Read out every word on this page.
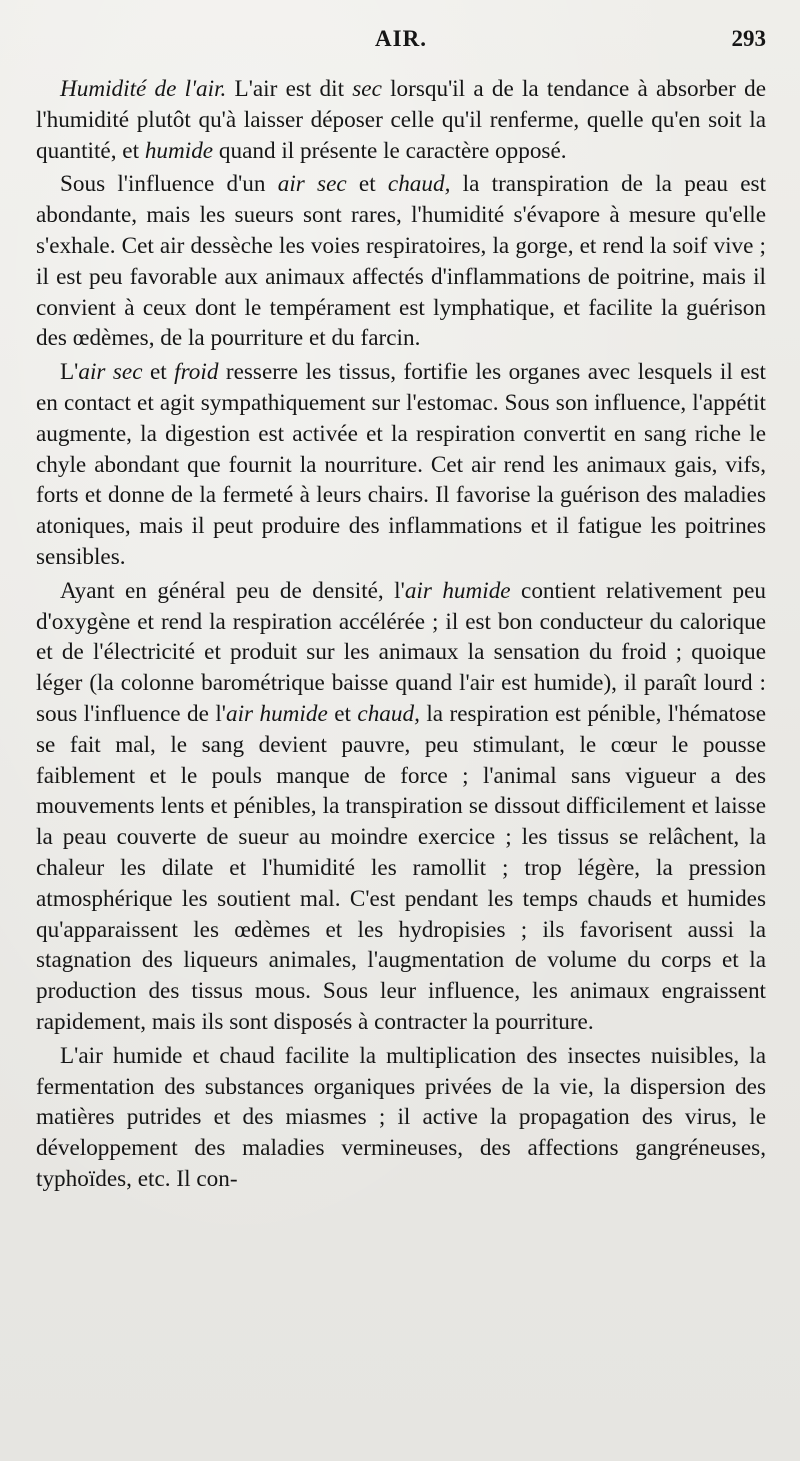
AIR.	293

Humidité de l'air. L'air est dit sec lorsqu'il a de la tendance à absorber de l'humidité plutôt qu'à laisser déposer celle qu'il renferme, quelle qu'en soit la quantité, et humide quand il présente le caractère opposé.

Sous l'influence d'un air sec et chaud, la transpiration de la peau est abondante, mais les sueurs sont rares, l'humidité s'évapore à mesure qu'elle s'exhale. Cet air dessèche les voies respiratoires, la gorge, et rend la soif vive ; il est peu favorable aux animaux affectés d'inflammations de poitrine, mais il convient à ceux dont le tempérament est lymphatique, et facilite la guérison des œdèmes, de la pourriture et du farcin.

L'air sec et froid resserre les tissus, fortifie les organes avec lesquels il est en contact et agit sympathiquement sur l'estomac. Sous son influence, l'appétit augmente, la digestion est activée et la respiration convertit en sang riche le chyle abondant que fournit la nourriture. Cet air rend les animaux gais, vifs, forts et donne de la fermeté à leurs chairs. Il favorise la guérison des maladies atoniques, mais il peut produire des inflammations et il fatigue les poitrines sensibles.

Ayant en général peu de densité, l'air humide contient relativement peu d'oxygène et rend la respiration accélérée ; il est bon conducteur du calorique et de l'électricité et produit sur les animaux la sensation du froid ; quoique léger (la colonne barométrique baisse quand l'air est humide), il paraît lourd : sous l'influence de l'air humide et chaud, la respiration est pénible, l'hématose se fait mal, le sang devient pauvre, peu stimulant, le cœur le pousse faiblement et le pouls manque de force ; l'animal sans vigueur a des mouvements lents et pénibles, la transpiration se dissout difficilement et laisse la peau couverte de sueur au moindre exercice ; les tissus se relâchent, la chaleur les dilate et l'humidité les ramollit ; trop légère, la pression atmosphérique les soutient mal. C'est pendant les temps chauds et humides qu'apparaissent les œdèmes et les hydropisies ; ils favorisent aussi la stagnation des liqueurs animales, l'augmentation de volume du corps et la production des tissus mous. Sous leur influence, les animaux engraissent rapidement, mais ils sont disposés à contracter la pourriture.

L'air humide et chaud facilite la multiplication des insectes nuisibles, la fermentation des substances organiques privées de la vie, la dispersion des matières putrides et des miasmes ; il active la propagation des virus, le développement des maladies vermineuses, des affections gangréneuses, typhoïdes, etc. Il con-
